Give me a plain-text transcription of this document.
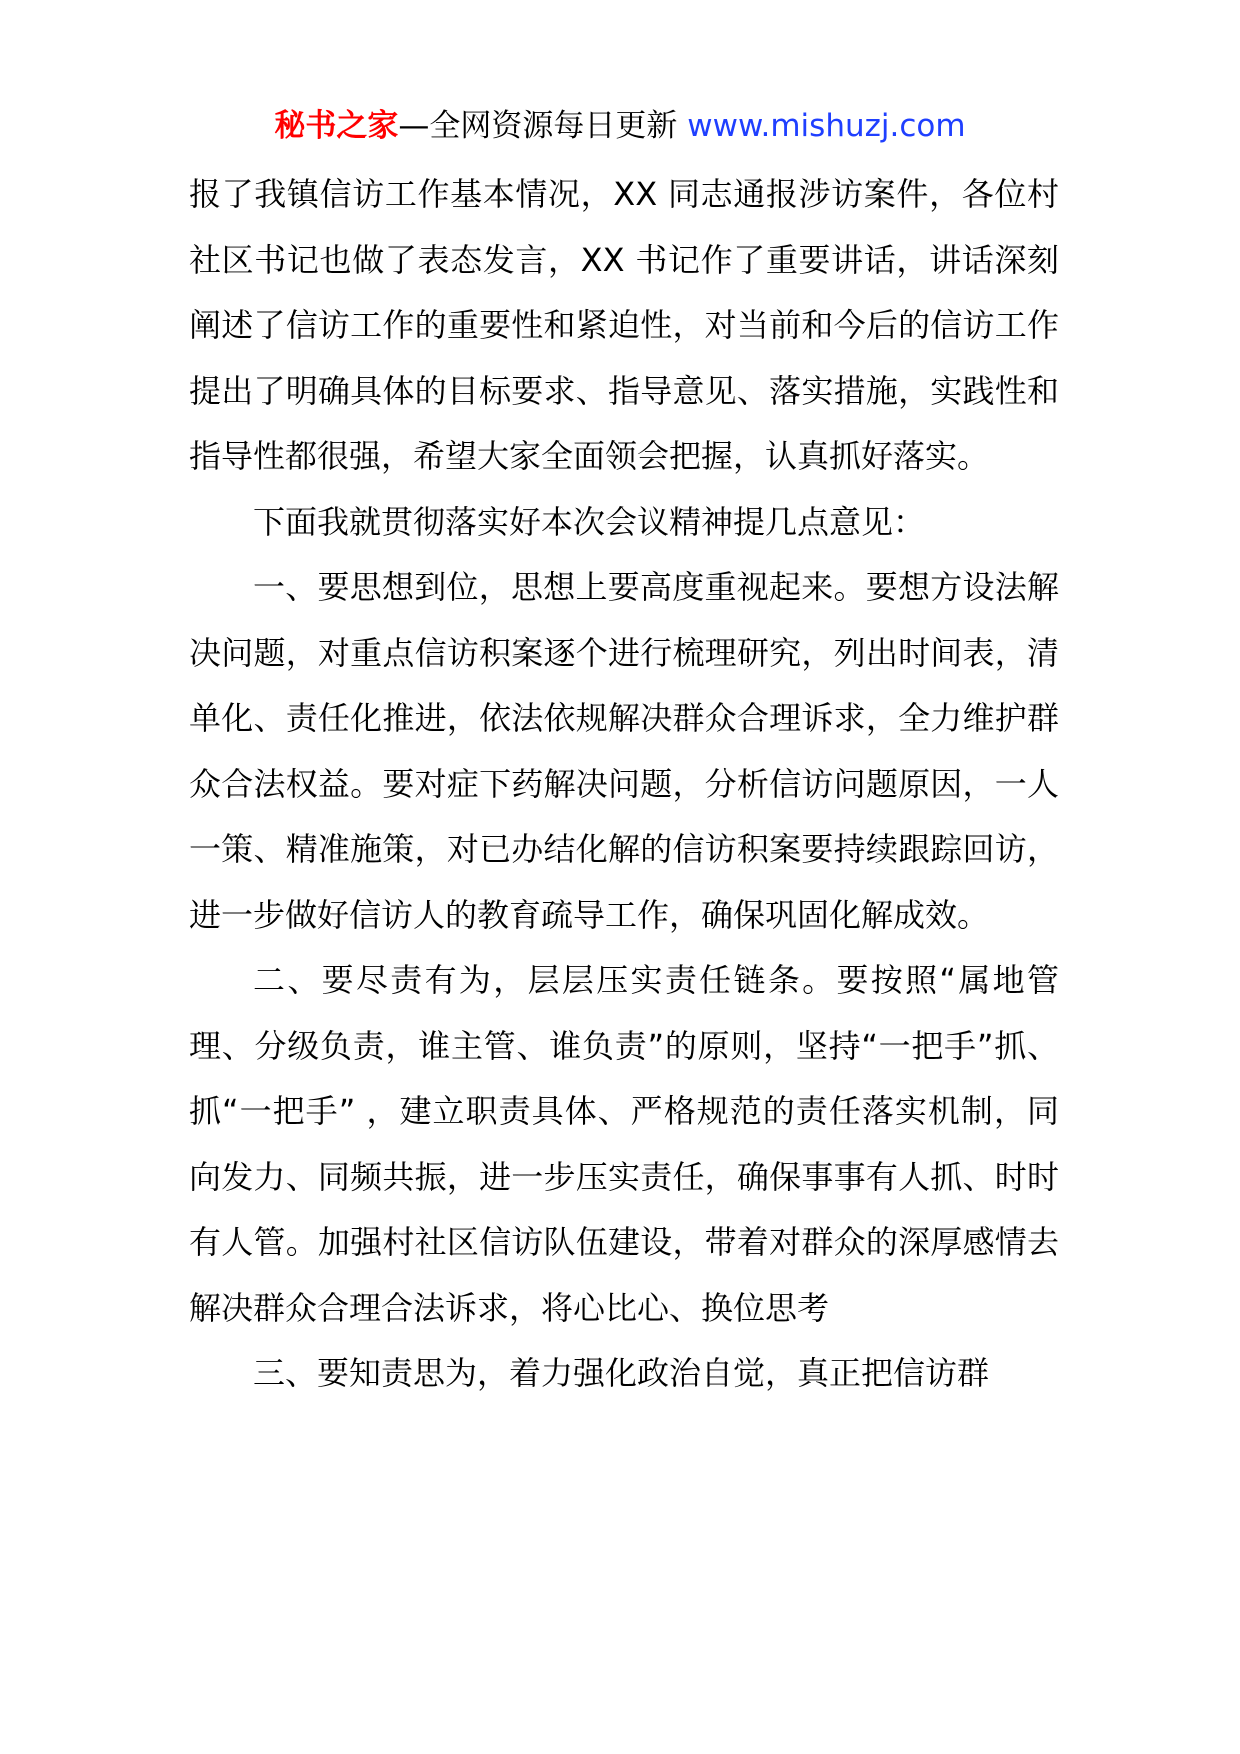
秘书之家—全网资源每日更新 www.mishuzj.com

报了我镇信访工作基本情况，XX 同志通报涉访案件，各位村社区书记也做了表态发言，XX 书记作了重要讲话，讲话深刻阐述了信访工作的重要性和紧迫性，对当前和今后的信访工作提出了明确具体的目标要求、指导意见、落实措施，实践性和指导性都很强，希望大家全面领会把握，认真抓好落实。

下面我就贯彻落实好本次会议精神提几点意见：

一、要思想到位，思想上要高度重视起来。要想方设法解决问题，对重点信访积案逐个进行梳理研究，列出时间表，清单化、责任化推进，依法依规解决群众合理诉求，全力维护群众合法权益。要对症下药解决问题，分析信访问题原因，一人一策、精准施策，对已办结化解的信访积案要持续跟踪回访，进一步做好信访人的教育疏导工作，确保巩固化解成效。

二、要尽责有为，层层压实责任链条。要按照“属地管理、分级负责，谁主管、谁负责”的原则，坚持“一把手”抓、抓“一把手” ，建立职责具体、严格规范的责任落实机制，同向发力、同频共振，进一步压实责任，确保事事有人抓、时时有人管。加强村社区信访队伍建设，带着对群众的深厚感情去解决群众合理合法诉求，将心比心、换位思考

三、要知责思为，着力强化政治自觉，真正把信访群
